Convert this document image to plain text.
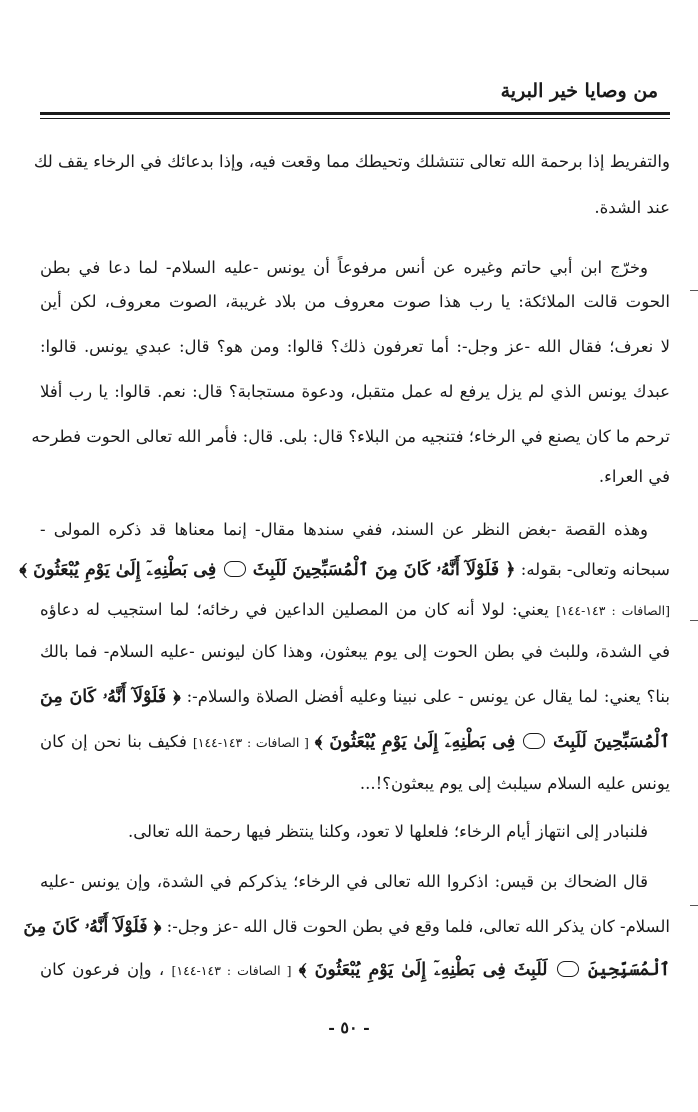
من وصايا خير البرية
والتفريط إذا برحمة الله تعالى تنتشلك وتحيطك مما وقعت فيه، وإذا بدعائك في الرخاء يقف لك
عند الشدة.
وخرّج ابن أبي حاتم وغيره عن أنس مرفوعاً أن يونس -عليه السلام- لما دعا في بطن
الحوت قالت الملائكة: يا رب هذا صوت معروف من بلاد غريبة، الصوت معروف، لكن أين
لا نعرف؛ فقال الله -عز وجل-: أما تعرفون ذلك؟ قالوا: ومن هو؟ قال: عبدي يونس. قالوا:
عبدك يونس الذي لم يزل يرفع له عمل متقبل، ودعوة مستجابة؟ قال: نعم. قالوا: يا رب أفلا
ترحم ما كان يصنع في الرخاء؛ فتنجيه من البلاء؟ قال: بلى. قال: فأمر الله تعالى الحوت فطرحه
في العراء.
وهذه القصة -بغض النظر عن السند، ففي سندها مقال- إنما معناها قد ذكره المولى -
سبحانه وتعالى- بقوله: ﴿ فَلَوْلَآ أَنَّهُۥ كَانَ مِنَ ٱلْمُسَبِّحِينَ لَلَبِثَ  فِى بَطْنِهِۦٓ إِلَىٰ يَوْمِ يُبْعَثُونَ ﴾
[الصافات : ١٤٣-١٤٤] يعني: لولا أنه كان من المصلين الداعين في رخائه؛ لما استجيب له دعاؤه
في الشدة، وللبث في بطن الحوت إلى يوم يبعثون، وهذا كان ليونس -عليه السلام- فما بالك
بنا؟ يعني: لما يقال عن يونس - على نبينا وعليه أفضل الصلاة والسلام-: ﴿ فَلَوْلَآ أَنَّهُۥ كَانَ مِنَ
ٱلْمُسَبِّحِينَ لَلَبِثَ  فِى بَطْنِهِۦٓ إِلَىٰ يَوْمِ يُبْعَثُونَ ﴾ [ الصافات : ١٤٣-١٤٤] فكيف بنا نحن إن كان
يونس عليه السلام سيلبث إلى يوم يبعثون؟!...
فلنبادر إلى انتهاز أيام الرخاء؛ فلعلها لا تعود، وكلنا ينتظر فيها رحمة الله تعالى.
قال الضحاك بن قيس: اذكروا الله تعالى في الرخاء؛ يذكركم في الشدة، وإن يونس -عليه
السلام- كان يذكر الله تعالى، فلما وقع في بطن الحوت قال الله -عز وجل-: ﴿ فَلَوْلَآ أَنَّهُۥ كَانَ مِنَ
ٱلْمُسَبِّحِينَ  لَلَبِثَ فِى بَطْنِهِۦٓ إِلَىٰ يَوْمِ يُبْعَثُونَ ﴾ [ الصافات : ١٤٣-١٤٤] ، وإن فرعون كان
- ٥٠ -
